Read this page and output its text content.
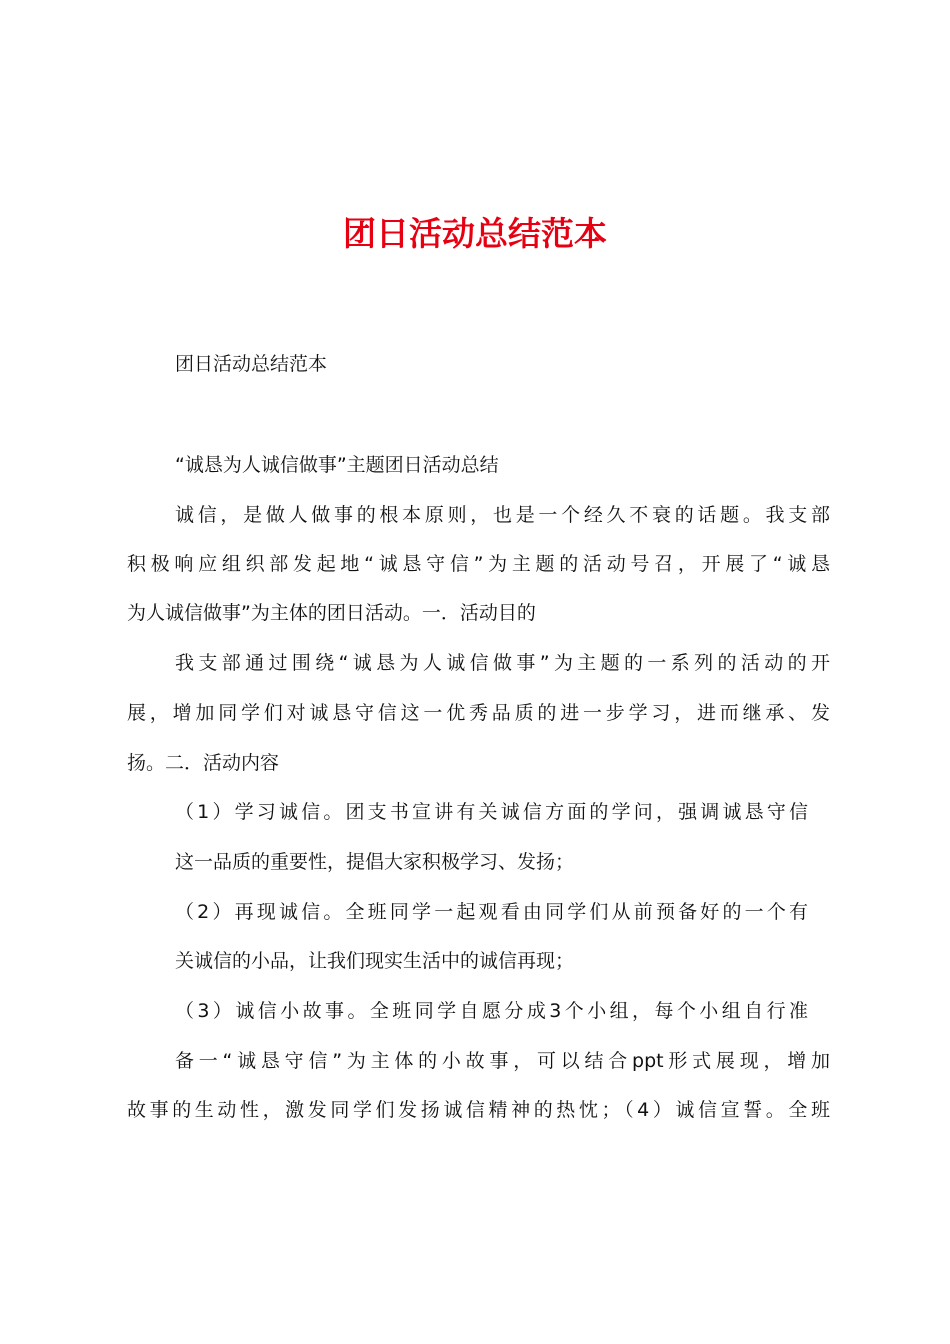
团日活动总结范本

团日活动总结范本

“诚恳为人诚信做事”主题团日活动总结

诚信，是做人做事的根本原则，也是一个经久不衰的话题。我支部

积极响应组织部发起地“诚恳守信”为主题的活动号召，开展了“诚恳

为人诚信做事”为主体的团日活动。一．活动目的

我支部通过围绕“诚恳为人诚信做事”为主题的一系列的活动的开

展，增加同学们对诚恳守信这一优秀品质的进一步学习，进而继承、发

扬。二．活动内容

（1）学习诚信。团支书宣讲有关诚信方面的学问，强调诚恳守信

这一品质的重要性，提倡大家积极学习、发扬；

（2）再现诚信。全班同学一起观看由同学们从前预备好的一个有

关诚信的小品，让我们现实生活中的诚信再现；

（3）诚信小故事。全班同学自愿分成3个小组，每个小组自行准

备一“诚恳守信”为主体的小故事，可以结合ppt形式展现，增加

故事的生动性，激发同学们发扬诚信精神的热忱；（4）诚信宣誓。全班
